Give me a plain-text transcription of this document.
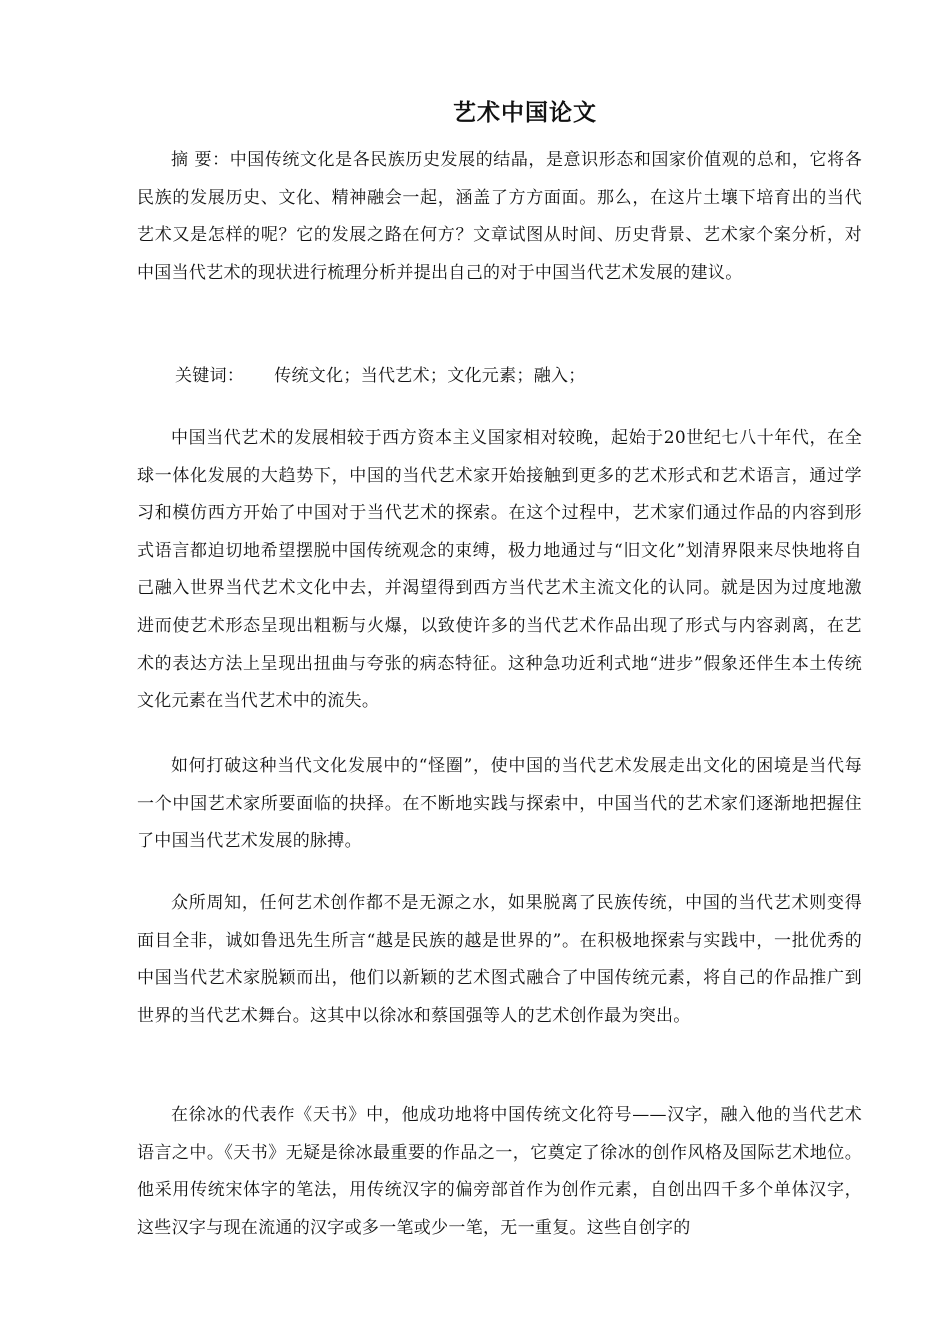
艺术中国论文

摘 要：中国传统文化是各民族历史发展的结晶，是意识形态和国家价值观的总和，它将各民族的发展历史、文化、精神融会一起，涵盖了方方面面。那么，在这片土壤下培育出的当代艺术又是怎样的呢？它的发展之路在何方？文章试图从时间、历史背景、艺术家个案分析，对中国当代艺术的现状进行梳理分析并提出自己的对于中国当代艺术发展的建议。

关键词： 传统文化；当代艺术；文化元素；融入；

中国当代艺术的发展相较于西方资本主义国家相对较晚，起始于20世纪七八十年代，在全球一体化发展的大趋势下，中国的当代艺术家开始接触到更多的艺术形式和艺术语言，通过学习和模仿西方开始了中国对于当代艺术的探索。在这个过程中，艺术家们通过作品的内容到形式语言都迫切地希望摆脱中国传统观念的束缚，极力地通过与“旧文化”划清界限来尽快地将自己融入世界当代艺术文化中去，并渴望得到西方当代艺术主流文化的认同。就是因为过度地激进而使艺术形态呈现出粗粝与火爆，以致使许多的当代艺术作品出现了形式与内容剥离，在艺术的表达方法上呈现出扭曲与夸张的病态特征。这种急功近利式地“进步”假象还伴生本土传统文化元素在当代艺术中的流失。

如何打破这种当代文化发展中的“怪圈”，使中国的当代艺术发展走出文化的困境是当代每一个中国艺术家所要面临的抉择。在不断地实践与探索中，中国当代的艺术家们逐渐地把握住了中国当代艺术发展的脉搏。

众所周知，任何艺术创作都不是无源之水，如果脱离了民族传统，中国的当代艺术则变得面目全非，诚如鲁迅先生所言“越是民族的越是世界的”。在积极地探索与实践中，一批优秀的中国当代艺术家脱颖而出，他们以新颖的艺术图式融合了中国传统元素，将自己的作品推广到世界的当代艺术舞台。这其中以徐冰和蔡国强等人的艺术创作最为突出。

在徐冰的代表作《天书》中，他成功地将中国传统文化符号——汉字，融入他的当代艺术语言之中。《天书》无疑是徐冰最重要的作品之一，它奠定了徐冰的创作风格及国际艺术地位。他采用传统宋体字的笔法，用传统汉字的偏旁部首作为创作元素，自创出四千多个单体汉字，这些汉字与现在流通的汉字或多一笔或少一笔，无一重复。这些自创字的
